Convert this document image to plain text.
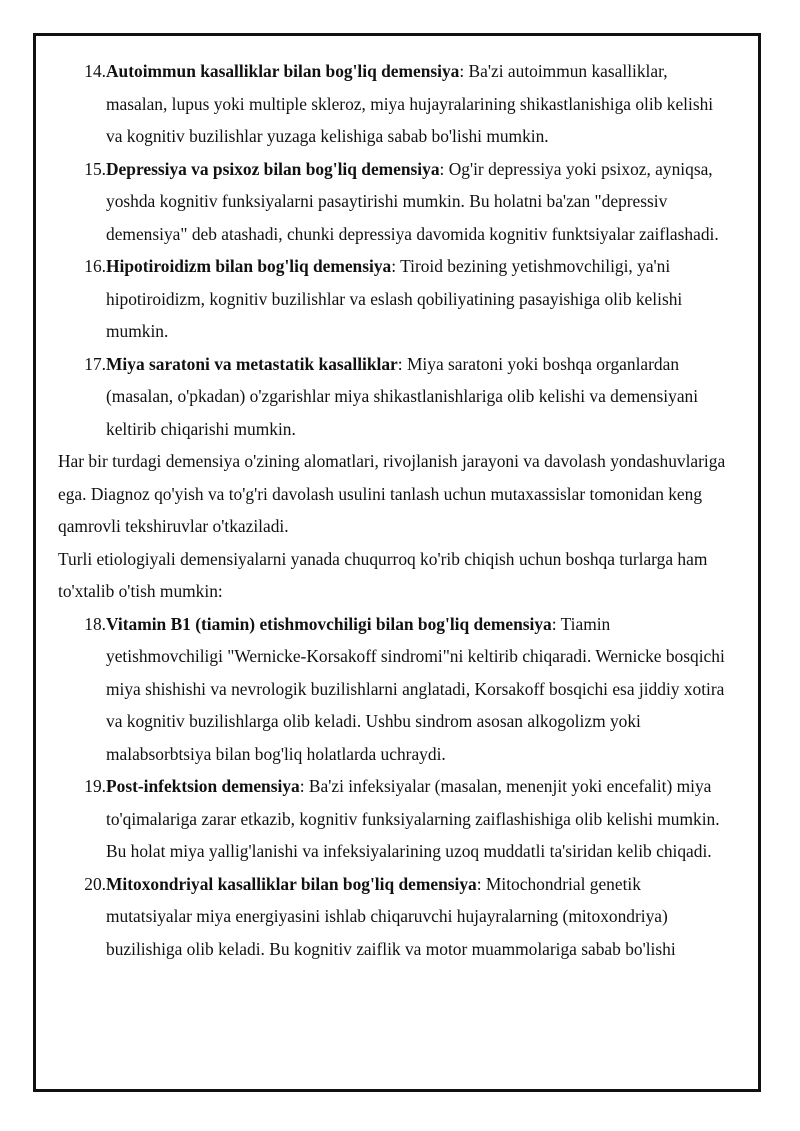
14. Autoimmun kasalliklar bilan bog'liq demensiya: Ba'zi autoimmun kasalliklar, masalan, lupus yoki multiple skleroz, miya hujayralarining shikastlanishiga olib kelishi va kognitiv buzilishlar yuzaga kelishiga sabab bo'lishi mumkin.
15. Depressiya va psixoz bilan bog'liq demensiya: Og'ir depressiya yoki psixoz, ayniqsa, yoshda kognitiv funksiyalarni pasaytirishi mumkin. Bu holatni ba'zan "depressiv demensiya" deb atashadi, chunki depressiya davomida kognitiv funktsiyalar zaiflashadi.
16. Hipotiroidizm bilan bog'liq demensiya: Tiroid bezining yetishmovchiligi, ya'ni hipotiroidizm, kognitiv buzilishlar va eslash qobiliyatining pasayishiga olib kelishi mumkin.
17. Miya saratoni va metastatik kasalliklar: Miya saratoni yoki boshqa organlardan (masalan, o'pkadan) o'zgarishlar miya shikastlanishlariga olib kelishi va demensiyani keltirib chiqarishi mumkin.

Har bir turdagi demensiya o'zining alomatlari, rivojlanish jarayoni va davolash yondashuvlariga ega. Diagnoz qo'yish va to'g'ri davolash usulini tanlash uchun mutaxassislar tomonidan keng qamrovli tekshiruvlar o'tkaziladi.

Turli etiologiyali demensiyalarni yanada chuqurroq ko'rib chiqish uchun boshqa turlarga ham to'xtalib o'tish mumkin:

18. Vitamin B1 (tiamin) etishmovchiligi bilan bog'liq demensiya: Tiamin yetishmovchiligi "Wernicke-Korsakoff sindromi"ni keltirib chiqaradi. Wernicke bosqichi miya shishishi va nevrologik buzilishlarni anglatadi, Korsakoff bosqichi esa jiddiy xotira va kognitiv buzilishlarga olib keladi. Ushbu sindrom asosan alkogolizm yoki malabsorbtsiya bilan bog'liq holatlarda uchraydi.
19. Post-infektsion demensiya: Ba'zi infeksiyalar (masalan, menenjit yoki encefalit) miya to'qimalariga zarar etkazib, kognitiv funksiyalarning zaiflashishiga olib kelishi mumkin. Bu holat miya yallig'lanishi va infeksiyalarining uzoq muddatli ta'siridan kelib chiqadi.
20. Mitoxondriyal kasalliklar bilan bog'liq demensiya: Mitochondrial genetik mutatsiyalar miya energiyasini ishlab chiqaruvchi hujayralarning (mitoxondriya) buzilishiga olib keladi. Bu kognitiv zaiflik va motor muammolariga sabab bo'lishi
